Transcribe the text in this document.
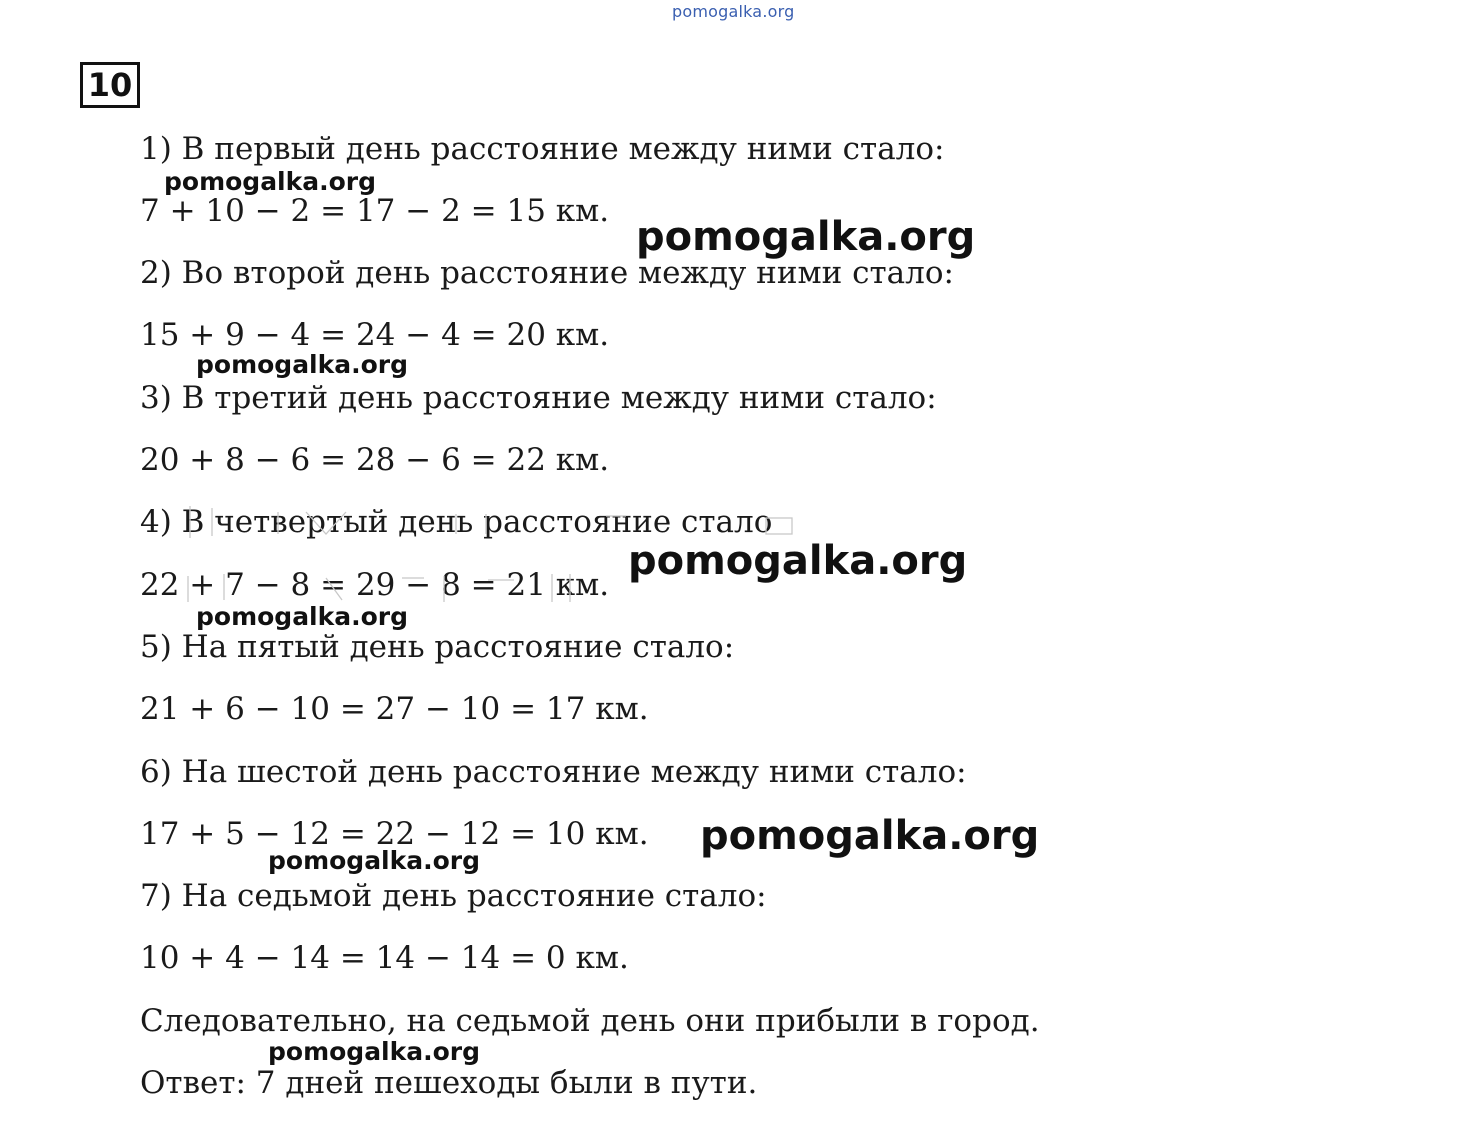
pomogalka.org
10
1) В первый день расстояние между ними стало:
7 + 10 − 2 = 17 − 2 = 15 км.
2) Во второй день расстояние между ними стало:
15 + 9 − 4 = 24 − 4 = 20 км.
3) В третий день расстояние между ними стало:
20 + 8 − 6 = 28 − 6 = 22 км.
4) В четвертый день расстояние стало
22 + 7 − 8 = 29 − 8 = 21 км.
5) На пятый день расстояние стало:
21 + 6 − 10 = 27 − 10 = 17 км.
6) На шестой день расстояние между ними стало:
17 + 5 − 12 = 22 − 12 = 10 км.
7) На седьмой день расстояние стало:
10 + 4 − 14 = 14 − 14 = 0 км.
Следовательно, на седьмой день они прибыли в город.
Ответ: 7 дней пешеходы были в пути.
pomogalka.org
pomogalka.org
pomogalka.org
pomogalka.org
pomogalka.org
pomogalka.org
pomogalka.org
pomogalka.org
